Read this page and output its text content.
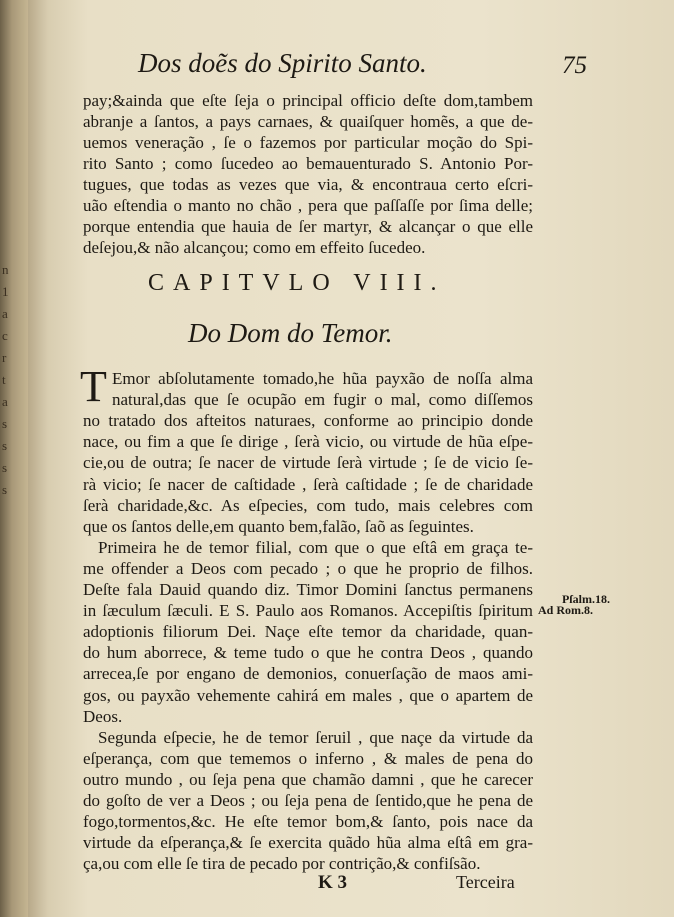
n
1
a
c
r
t
a
s
s
s
s
Dos doẽs do Spirito Santo.	75
pay;&ainda que eſte ſeja o principal officio deſte dom,tambem
abranje a ſantos, a pays carnaes, & quaiſquer homẽs, a que de-
uemos veneração , ſe o fazemos por particular moção do Spi-
rito Santo ; como ſucedeo ao bemauenturado S. Antonio Por-
tugues, que todas as vezes que via, & encontraua certo eſcri-
uão eſtendia o manto no chão , pera que paſſaſſe por ſima delle;
porque entendia que hauia de ſer martyr, & alcançar o que elle
deſejou,& não alcançou; como em effeito ſucedeo.
CAPITVLO VIII.
Do Dom do Temor.
T Emor abſolutamente tomado,he hũa payxão de noſſa alma
natural,das que ſe ocupão em fugir o mal, como diſſemos
no tratado dos afteitos naturaes, conforme ao principio donde
nace, ou fim a que ſe dirige , ſerà vicio, ou virtude de hũa eſpe-
cie,ou de outra; ſe nacer de virtude ſerà virtude ; ſe de vicio ſe-
rà vicio; ſe nacer de caſtidade , ſerà caſtidade ; ſe de charidade
ſerà charidade,&c. As eſpecies, com tudo, mais celebres com
que os ſantos delle,em quanto bem,falão, ſaõ as ſeguintes.
Primeira he de temor filial, com que o que eſtâ em graça te-
me offender a Deos com pecado ; o que he proprio de filhos.
Deſte fala Dauid quando diz. Timor Domini ſanctus permanens
in ſæculum ſæculi. E S. Paulo aos Romanos. Accepiſtis ſpiritum
adoptionis filiorum Dei. Naçe eſte temor da charidade, quan-
do hum aborrece, & teme tudo o que he contra Deos , quando
arrecea,ſe por engano de demonios, conuerſação de maos ami-
gos, ou payxão vehemente cahirá em males , que o apartem de
Deos.
Segunda eſpecie, he de temor ſeruil , que naçe da virtude da
eſperança, com que tememos o inferno , & males de pena do
outro mundo , ou ſeja pena que chamão damni , que he carecer
do goſto de ver a Deos ; ou ſeja pena de ſentido,que he pena de
fogo,tormentos,&c. He eſte temor bom,& ſanto, pois nace da
virtude da eſperança,& ſe exercita quãdo hũa alma eſtâ em gra-
ça,ou com elle ſe tira de pecado por contrição,& confiſsão.
Pſalm.18.
Ad Rom.8.
K 3	Terceira
